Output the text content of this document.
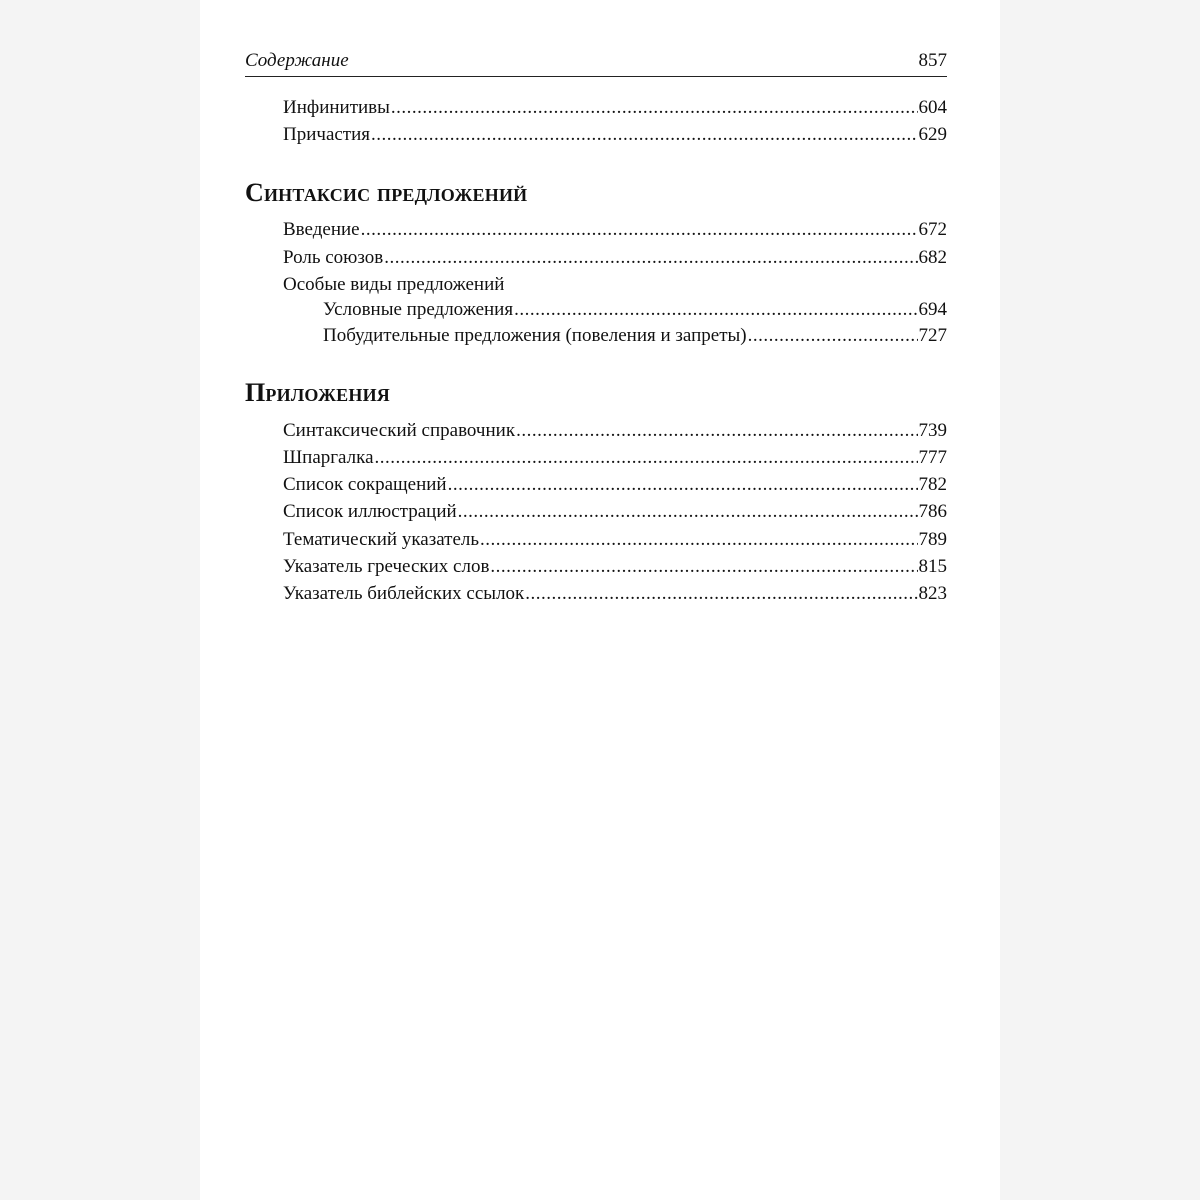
Содержание	857
Инфинитивы .....	604
Причастия .....	629
Синтаксис предложений
Введение .....	672
Роль союзов .....	682
Особые виды предложений
Условные предложения .....	694
Побудительные предложения (повеления и запреты) .....	727
Приложения
Синтаксический справочник .....	739
Шпаргалка .....	777
Список сокращений .....	782
Список иллюстраций .....	786
Тематический указатель .....	789
Указатель греческих слов .....	815
Указатель библейских ссылок .....	823
